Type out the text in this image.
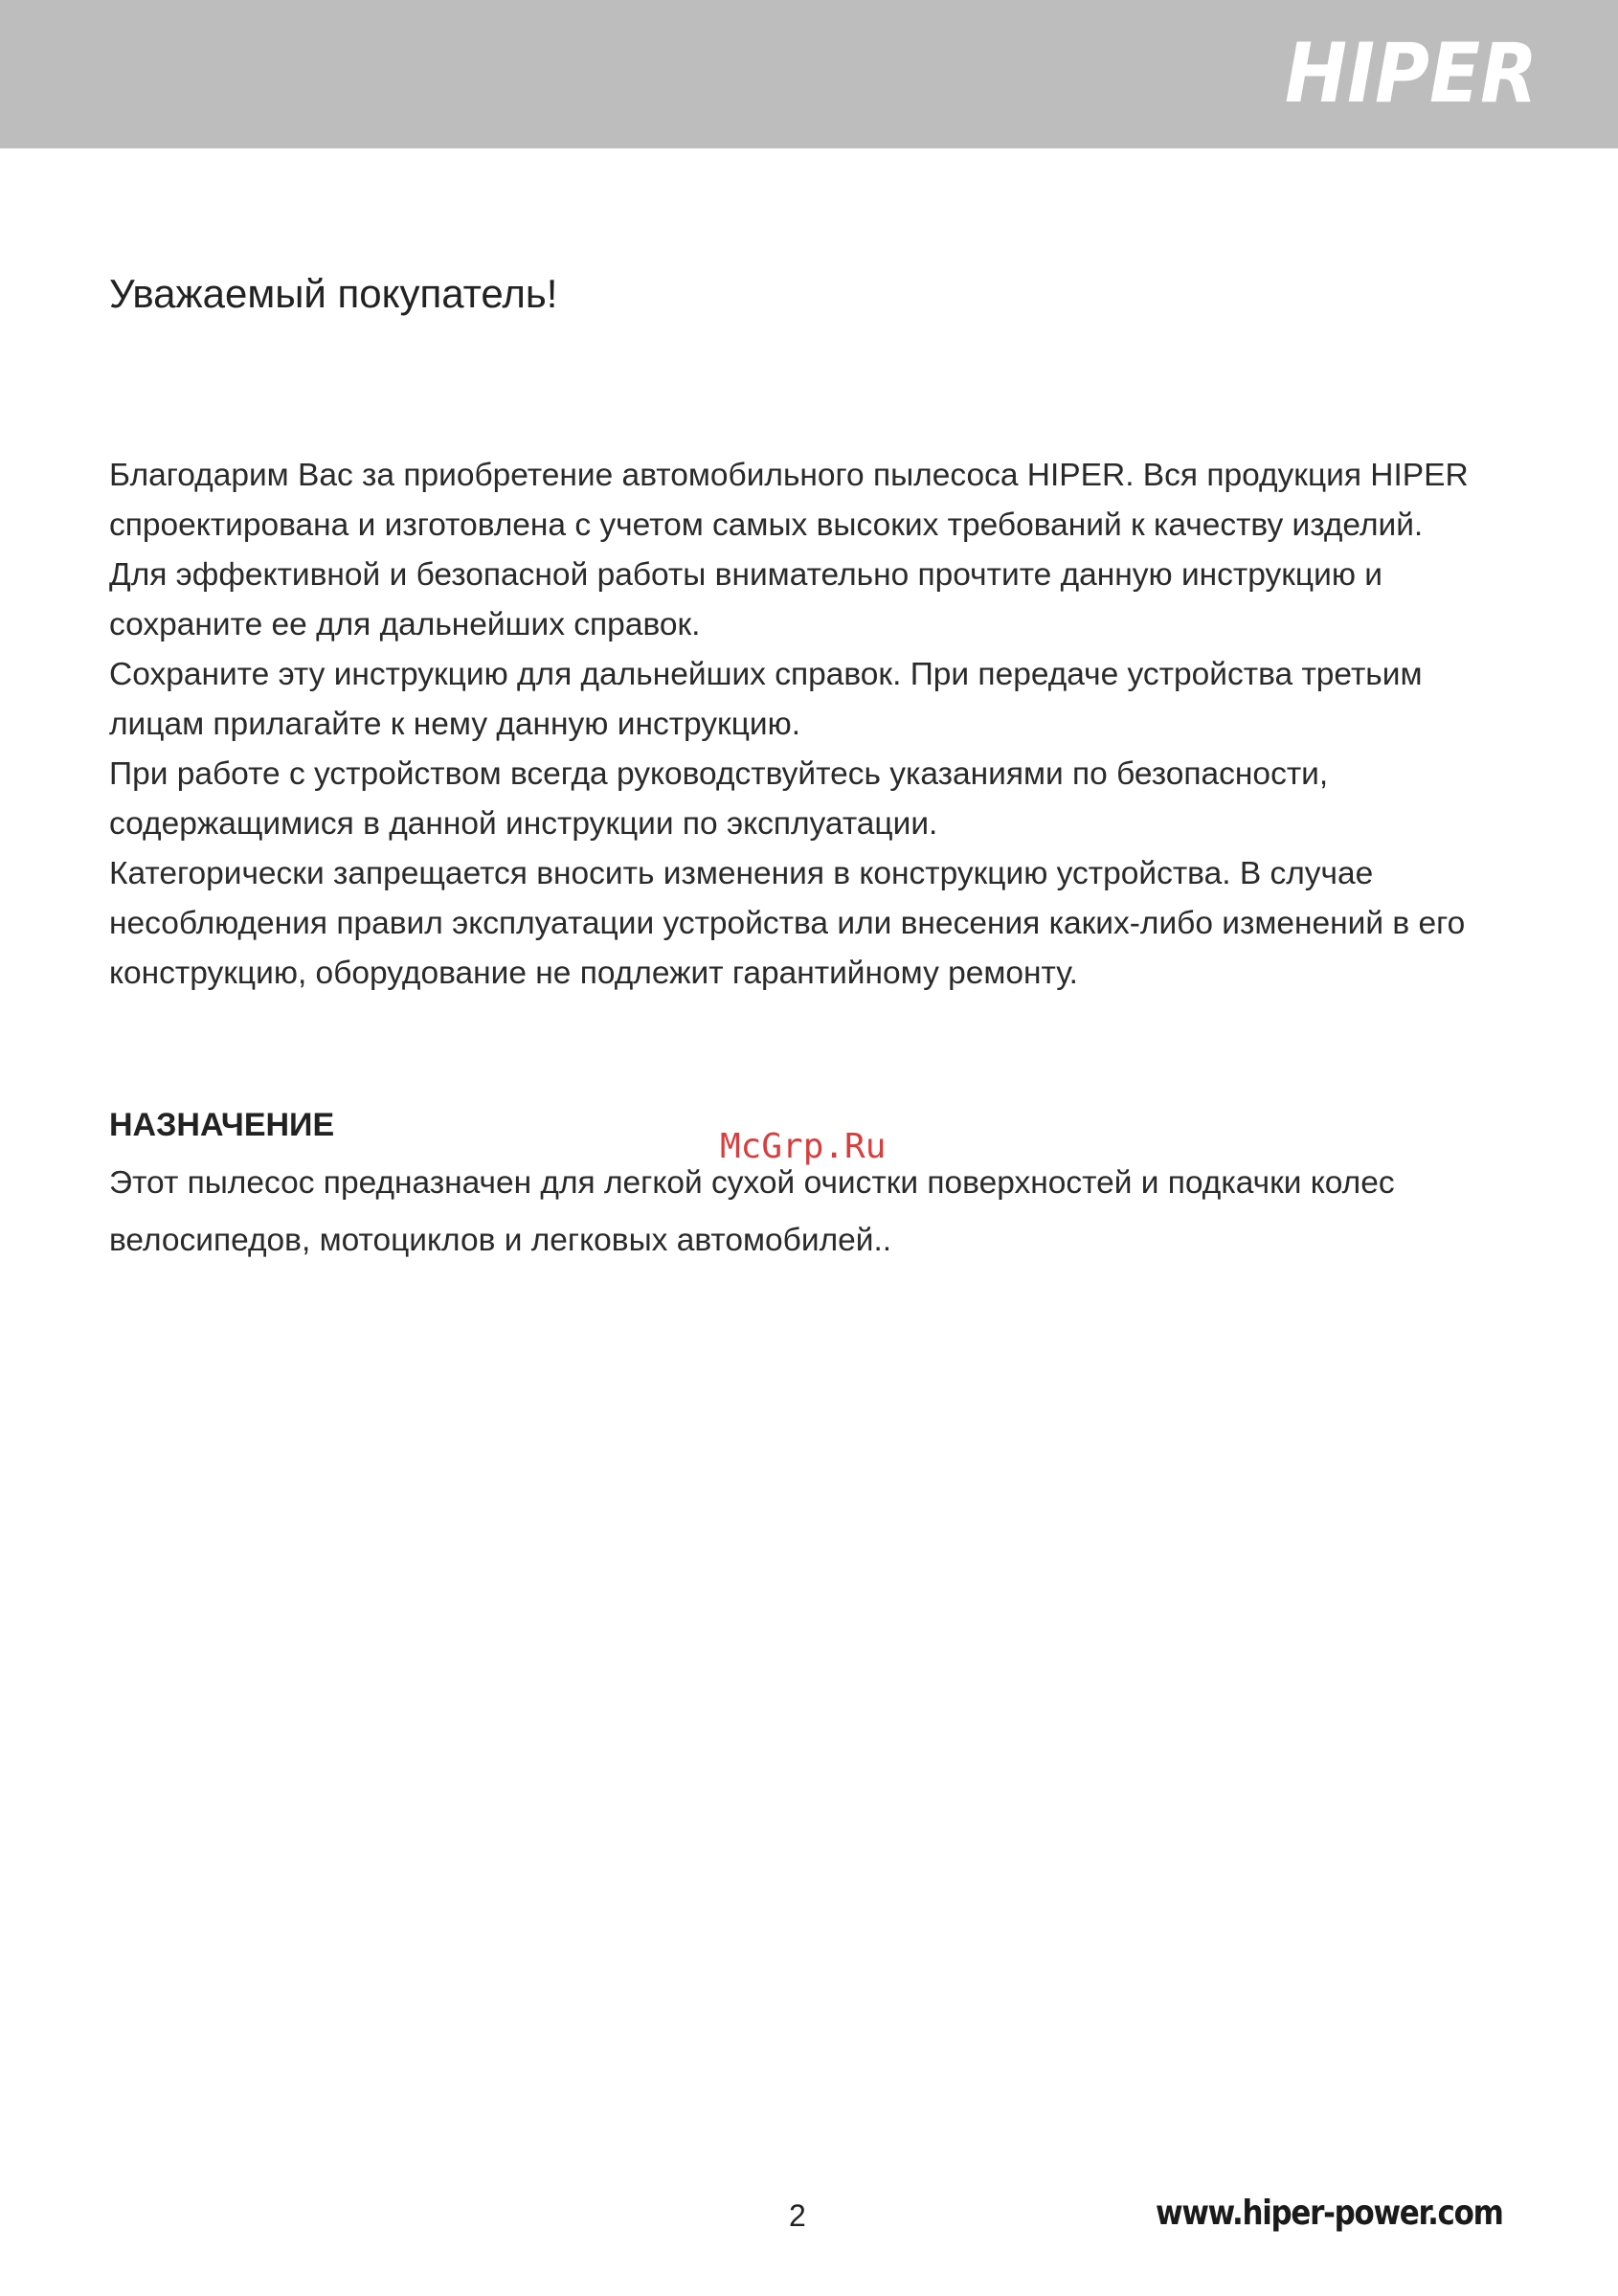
HIPER
Уважаемый покупатель!

Благодарим Вас за приобретение автомобильного пылесоса HIPER. Вся продукция HIPER спроектирована и изготовлена с учетом самых высоких требований к качеству изделий.

Для эффективной и безопасной работы внимательно прочтите данную инструкцию и сохраните ее для дальнейших справок.

Сохраните эту инструкцию для дальнейших справок. При передаче устройства третьим лицам прилагайте к нему данную инструкцию.

При работе с устройством всегда руководствуйтесь указаниями по безопасности, содержащимися в данной инструкции по эксплуатации.

Категорически запрещается вносить изменения в конструкцию устройства. В случае несоблюдения правил эксплуатации устройства или внесения каких-либо изменений в его конструкцию, оборудование не подлежит гарантийному ремонту.

НАЗНАЧЕНИЕ

Этот пылесос предназначен для легкой сухой очистки поверхностей и подкачки колес велосипедов, мотоциклов и легковых автомобилей..

McGrp.Ru
2	www.hiper-power.com
